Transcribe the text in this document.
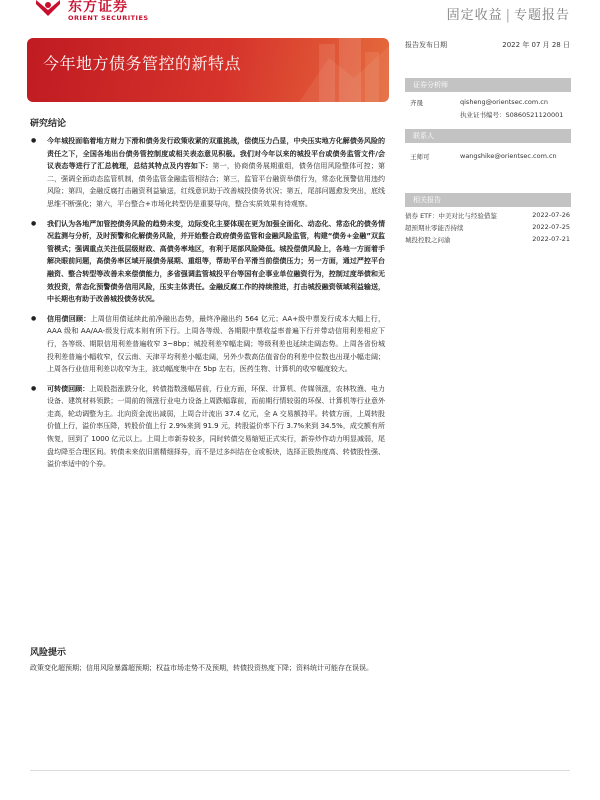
东方证券
ORIENT SECURITIES	固定收益 | 专题报告
今年地方债务管控的新特点
报告发布日期	2022 年 07 月 28 日
证券分析师
齐晟	qisheng@orientsec.com.cn
执业证书编号：S0860521120001
联系人
王师可	wangshike@orientsec.com.cn
相关报告
债券 ETF：中美对比与经验借鉴	2022-07-26
超预期社零能否持续	2022-07-25
城投控股之问渝	2022-07-21
研究结论
● 今年城投面临着地方财力下滑和债务发行政策收紧的双重挑战，偿债压力凸显，中央压实地方化解债务风险的责任之下，全国各地出台债务管控制度或相关表态意见积极。我们对今年以来的城投平台或债务监管文件/会议表态等进行了汇总梳理，总结其特点及内容如下：第一，协商债务展期重组，债务信用风险整体可控；第二，强调全面动态监管机制，债务监管金融监管相结合；第三，监管平台融资举债行为，常态化预警信用违约风险；第四，金融反腐打击融资利益输送，红线意识助于改善城投债务状况；第五，尾部问题愈发突出，底线思维不断强化；第六，平台整合+市场化转型仍是重要导向，整合实质效果有待观察。
● 我们认为各地严加管控债务风险的趋势未变，边际变化主要体现在更为加强全面化、动态化、常态化的债务情况监测与分析，及时预警和化解债务风险，并开始整合政府债务监管和金融风险监管，构建“债务+金融”双监管模式；强调重点关注低层级财政、高债务率地区，有利于尾部风险降低。城投偿债风险上，各地一方面着手解决眼前问题，高债务率区域开展债务展期、重组等，帮助平台平滑当前偿债压力；另一方面，通过严控平台融资、整合转型等改善未来偿债能力，多省强调监管城投平台等国有企事业单位融资行为，控制过度举债和无效投资，常态化预警债务信用风险，压实主体责任。金融反腐工作的持续推进，打击城投融资领域利益输送，中长期也有助于改善城投债务状况。
● 信用债回顾：上周信用债延续此前净融出态势，最终净融出约 564 亿元；AA+级中票发行成本大幅上行，AAA 级和 AA/AA-级发行成本则有所下行。上周各等级、各期限中票收益率普遍下行并带动信用利差相应下行，各等级、期限信用利差普遍收窄 3~8bp；城投利差窄幅走阔；等级利差也延续走阔态势。上周各省份城投利差普遍小幅收窄，仅云南、天津平均利差小幅走阔，另外少数高估值省份的利差中位数也出现小幅走阔；上周各行业信用利差以收窄为主，波动幅度集中在 5bp 左右，医药生物、计算机的收窄幅度较大。
● 可转债回顾：上周股指涨跌分化，转债指数涨幅居前，行业方面，环保、计算机、传媒领涨，农林牧渔、电力设备、建筑材料领跌；一周前的领涨行业电力设备上周跌幅靠前，而前期行情较弱的环保、计算机等行业意外走高，轮动调整为主。北向资金流出减弱，上周合计流出 37.4 亿元，全 A 交易额持平。转债方面，上周转股价值上行，溢价率压降，转股价值上行 2.9%来到 91.9 元，转股溢价率下行 3.7%来到 34.5%，成交额有所恢复，回到了 1000 亿元以上。上周上市新券较多，同时转债交易缩短正式实行，新券炒作动力明显减弱，尾盘均降至合理区间。转债未来依旧需精细择券，而不是过多纠结在仓或板块，选择正股热度高、转债股性强、溢价率适中的个券。
风险提示
政策变化超预期；信用风险暴露超预期；权益市场走势不及预期，转债投资热度下降；资料统计可能存在误误。
